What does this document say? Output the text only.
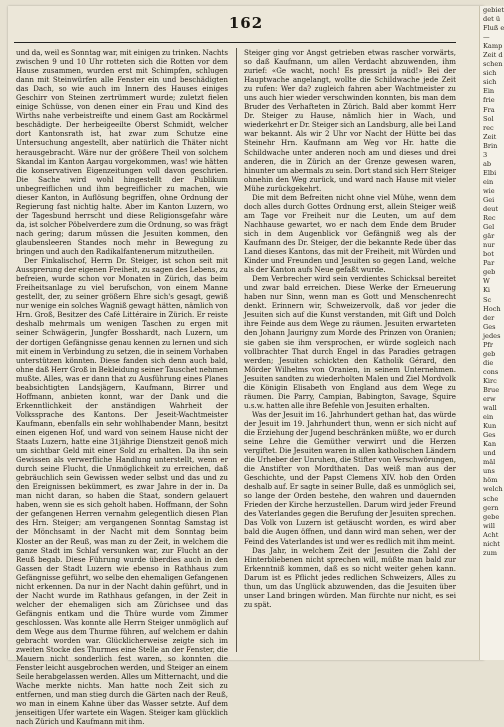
162

und da, weil es Sonntag war, mit einigen zu trinken. Nachts zwischen 9 und 10 Uhr rotteten sich die Rotten vor dem Hause zusammen, wurden erst mit Schimpfen, schlugen dann mit Steinwürfen alle Fenster ein und beschädigten das Dach, so wie auch im Innern des Hauses einiges Geschirr von Steinen zertrümmert wurde; zuletzt fielen einige Schüsse, von denen einer ein Frau und Kind des Wirths nahe verbeistreifte und einem Gast am Rockärmel beschädigte. Der herbeigeeilte Oberst Schmidt, welcher dort Kantonsrath ist, hat zwar zum Schutze eine Untersuchung angestellt, aber natürlich die Thäter nicht herausgebracht. Wäre nur der größere Theil von solchem Skandal im Kanton Aargau vorgekommen, was! wie hätten die konservativen Eigenzeitungen voll davon geschrien. Die Sache wird wohl hingestellt der Publikum unbegreiflichen und ihm begreiflicher zu machen, wie dieser Kanton, in Auflösung begriffen, ohne Ordnung der Regierung fast nichtig halte. Aber im Kanton Luzern, wo der Tagesbund herrscht und diese Religionsgefahr wäre da, ist solcher Pöbelverdere zum die Ordnung, so was frägt nach gering; darum müssen die Jesuiten kommen, den glaubensleeren Standes noch mehr in Bewegung zu bringen und auch den Radikalfantenerum mitzutheilen.

Der Finkalischof, Herrn Dr. Steiger, ist schon seit mit Aussprerung der eigenen Freiheit, zu sagen des Lebens, zu befreien, wurde schon vor Monaten in Zürich, das beim Freiheitsanlage zu viel berufschon, von einem Manne gestellt, der, zu seiner größern Ehre sich's gesagt, gewiß nur wenige ein solches Wagniß gewagt hätten, nämlich von Hrn. Groß, Besitzer des Café Littéraire in Zürich. Er reiste deshalb mehrmals um wenigen Taschen zu ergen mit seiner Schwägerin, Jungfer Bosshardt, nach Luzern, um der dortigen Gefängnisse genau kennen zu lernen und sich mit einem in Verbindung zu setzen, die in seinem Vorhaben unterstützen könnten. Diese fanden sich denn auch bald, ohne daß Herr Groß in Bekleidung seiner Tauschet nehmen mußte. Alles, was er dann that zu Ausführung eines Planes beabsichtigten Landsjägern, Kaufmann, Birrer und Hoffmann, anbieten konnt, war der Dank und die Erkenntlichkeit der anständigen Wahrheit der Volkssprache des Kantons. Der Jeseit-Wachtmeister Kaufmann, ebenfalls ein sehr wohlhabender Mann, besitzt einen eigenen Hof, und ward von seinem Hause nicht der Staats Luzern, hatte eine 31jährige Dienstzeit genoß mich um sichtbar Geld mit einer Sold zu erhalten. Da ihn sein Gewissen als verwerfliche Handlung unterstellt, wenn er durch seine Flucht, die Unmöglichkeit zu erreichen, daß gebräuchlich sein Gewissen weder selbst und das und zu den Ereignissen bekümmert, es zwar Jahre in der in. Da man nicht daran, so haben die Staat, sondern gelauert haben, wenn sie es sich geholt haben. Hoffmann, der Sohn der gefangenen Herren vernahm gelegentlich diesen Plan des Hrn. Steiger; am vergangenen Sonntag Samstag ist der Mönchsamt in der Nacht mit dem Sonntag beim Kloster an der Reuß, was man zu der Zeit, in welchem die ganze Stadt im Schlaf versunken war, zur Flucht an der Reuß begab. Diese Führung wurde überdies auch in den Gassen der Stadt Luzern wie ebenso in Rathhaus zum Gefängnisse geführt, wo selbe den ehemaligen Gefangenen nicht erkennen. Da nur in der Nacht dahin geführt, und in der Nacht wurde im Rathhaus gefangen, in der Zeit in welcher der ehemaligen sich am Zürichsee und das Gefängnis entkam und die Thüre wurde vom Zimmer geschlossen. Was konnte alle Herrn Steiger unmöglich auf dem Wege aus dem Thurme führen, auf welchem er dahin gebracht worden war. Glücklicherweise zeigte sich im zweiten Stocke des Thurmes eine Stelle an der Fenster, die Mauern nicht sonderlich fest waren, so konnten die Fenster leicht ausgebrochen werden, und Steiger an einem Seile herabgelassen werden. Alles um Mitternacht, und die Wache merkte nichts. Man hatte noch Zeit sich zu entfernen, und man stieg durch die Gärten nach der Reuß, wo man in einem Kahne über das Wasser setzte. Auf dem jenseitigen Ufer wartete ein Wagen. Steiger kam glücklich nach Zürich und Kaufmann mit ihm.

Steiger ging vor Angst getrieben etwas rascher vorwärts, so daß Kaufmann, um allen Verdacht abzuwenden, ihm zurief: «Ge wacht, noch! Es pressirt ja nüd!» Bei der Hauptwache angelangt, wollte die Schildwache jede Zeit zu rufen: Wer da? zugleich fahren aber Wachtmeister zu uns auch hier wieder verschwinden konnten, bis man dem Bruder des Verhafteten in Zürich. Bald aber kommt Herr Dr. Steiger zu Hause, nämlich hier in Wach, und wiederkehrt er Dr. Steiger sich an Landsburg, alle bei Land war bekannt. Als wir 2 Uhr vor Nacht der Hütte bei das Steinehr Hrn. Kaufmann am Weg vor Hr. hatte die Schildwache unter anderen noch am und dieses und drei anderen, die in Zürich an der Grenze gewesen waren, hinunter um abermals zu sein. Dort stand sich Herr Steiger ohnehin den Weg zurück, und ward nach Hause mit vieler Mühe zurückgekehrt.

Die mit dem Befreiten nicht ohne viel Mühe, wenn dem doch alles durch Gottes Ordnung erst, allein Steiger weiß am Tage vor Freiheit nur die Leuten, um auf dem Nachhause gewartet, wo er nach dem Ende dem Bruder sich in dem Augenblick vor Gefängniß weg als der Kaufmann des Dr. Steiger, der die bekannte Rede über das Land dieses Kantons, das mit der Freiheit, mit Würden und Kinder und Freunden und Jesuiten so gegen Land, welche als der Kanton aufs Neue gefaßt wurde.

Dem Verbrecher wird sein verdientes Schicksal bereitet und zwar bald erreichen. Diese Werke der Erneuerung haben nur Sinn, wenn man es Gott und Menschenrecht denkt. Erinnern wir, Schweizervolk, daß vor jeder die Jesuiten sich auf die Kunst verstanden, mit Gift und Dolch ihre Feinde aus dem Wege zu räumen. Jesuiten erwarteten den Johann Jaurigny zum Morde des Prinzen von Oranien; sie gaben sie ihm versprochen, er würde sogleich nach vollbrachter That durch Engel in das Paradies getragen werden; Jesuiten schickten den Katholik Gérard, den Mörder Wilhelms von Oranien, in seinem Unternehmen. Jesuiten sandten zu wiederholten Malen und Ziel Mordvolk die Königin Elisabeth von England aus dem Wege zu räumen. Die Parry, Campian, Babington, Savage, Squire u.s.w. hatten alle ihre Befehle von Jesuiten erhalten.

Was der Jesuit im 16. Jahrhundert gethan hat, das würde der Jesuit im 19. Jahrhundert thun, wenn er sich nicht auf die Erziehung der Jugend beschränken müßte, wo er durch seine Lehre die Gemüther verwirrt und die Herzen vergiftet. Die Jesuiten waren in allen katholischen Ländern die Urheber der Unruhen, die Stifter von Verschwörungen, die Anstifter von Mordthaten. Das weiß man aus der Geschichte, und der Papst Clemens XIV. hob den Orden deshalb auf. Er sagte in seiner Bulle, daß es unmöglich sei, so lange der Orden bestehe, den wahren und dauernden Frieden der Kirche herzustellen. Darum wird jeder Freund des Vaterlandes gegen die Berufung der Jesuiten sprechen. Das Volk von Luzern ist getäuscht worden, es wird aber bald die Augen öffnen, und dann wird man sehen, wer der Feind des Vaterlandes ist und wer es redlich mit ihm meint.

Das Jahr, in welchem Zeit der Jesuiten die Zahl der Hinterbliebenen nicht sprechen will, müßte man bald zur Erkenntniß kommen, daß es so nicht weiter gehen kann. Darum ist es Pflicht jedes redlichen Schweizers, Alles zu thun, um das Unglück abzuwenden, das die Jesuiten über unser Land bringen würden. Man fürchte nur nicht, es sei zu spät.

gebiet
det ü
Fluß e
—
Kamp
Zeit d
schen
sich
sich
Ein
frie
Fra
Sol
rec
Zeit
Brin
3
ab
Elbi
ein
wie
Gei
deut
Rec
Gel
gär
nur
bot
Par
geb
W
Ki
Sc
Hoch
der
Ges
jedes
Pfr
geb
die
cons
Kirc
Brue
erw
wall
ein
Kun
Ges
Kan
und
mäl
uns
höm
welch
sche
gern
gebe
will
Acht
nicht
zum
